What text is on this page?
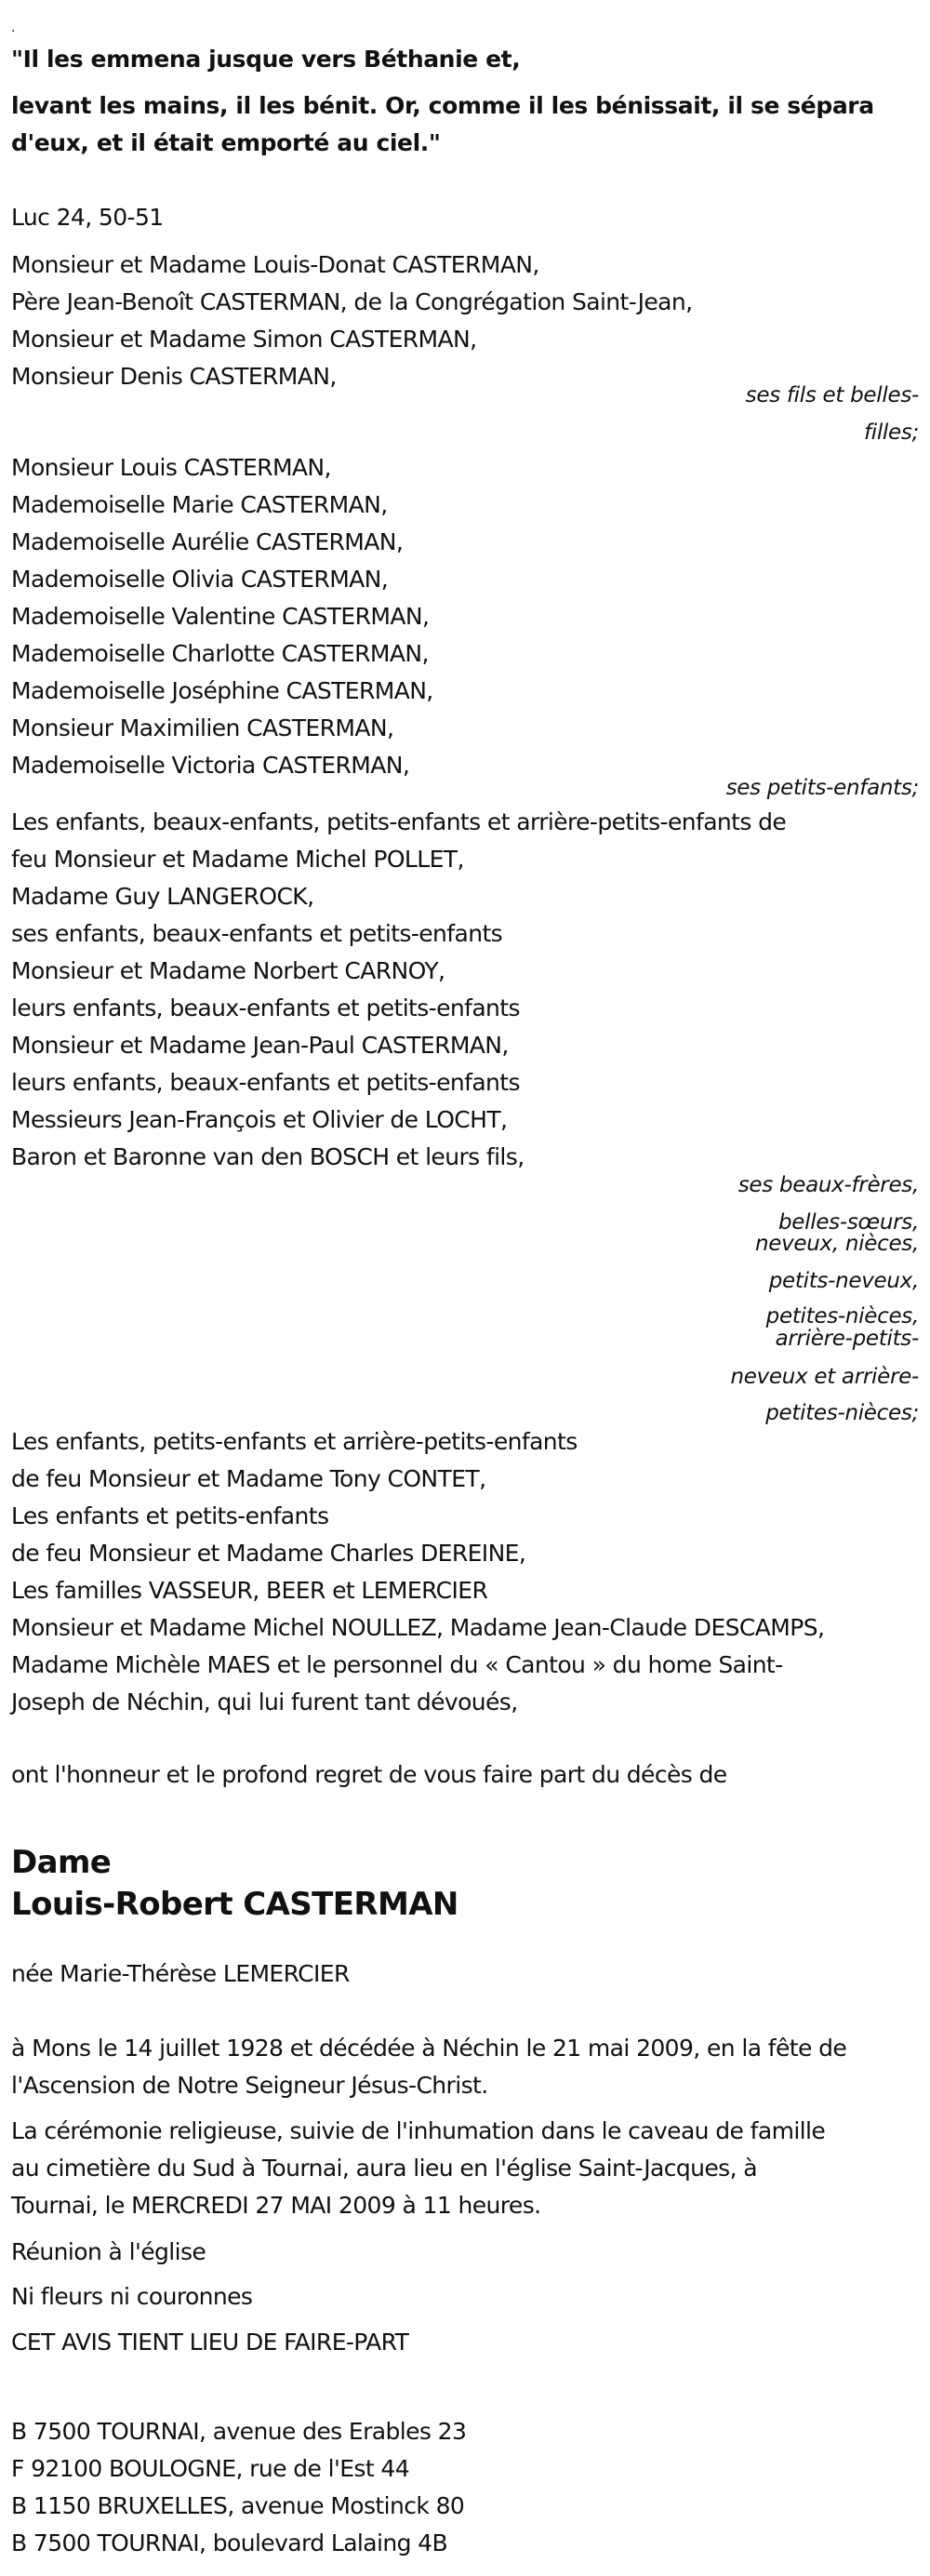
.
"Il les emmena jusque vers Béthanie et,
levant les mains, il les bénit. Or, comme il les bénissait, il se sépara
d'eux, et il était emporté au ciel."
Luc 24, 50-51
Monsieur et Madame Louis-Donat CASTERMAN,
Père Jean-Benoît CASTERMAN, de la Congrégation Saint-Jean,
Monsieur et Madame Simon CASTERMAN,
Monsieur Denis CASTERMAN,
ses fils et belles-
filles;
Monsieur Louis CASTERMAN,
Mademoiselle Marie CASTERMAN,
Mademoiselle Aurélie CASTERMAN,
Mademoiselle Olivia CASTERMAN,
Mademoiselle Valentine CASTERMAN,
Mademoiselle Charlotte CASTERMAN,
Mademoiselle Joséphine CASTERMAN,
Monsieur Maximilien CASTERMAN,
Mademoiselle Victoria CASTERMAN,
ses petits-enfants;
Les enfants, beaux-enfants, petits-enfants et arrière-petits-enfants de
feu Monsieur et Madame Michel POLLET,
Madame Guy LANGEROCK,
ses enfants, beaux-enfants et petits-enfants
Monsieur et Madame Norbert CARNOY,
leurs enfants, beaux-enfants et petits-enfants
Monsieur et Madame Jean-Paul CASTERMAN,
leurs enfants, beaux-enfants et petits-enfants
Messieurs Jean-François et Olivier de LOCHT,
Baron et Baronne van den BOSCH et leurs fils,
ses beaux-frères,
belles-sœurs,
neveux, nièces,
petits-neveux,
petites-nièces,
arrière-petits-
neveux et arrière-
petites-nièces;
Les enfants, petits-enfants et arrière-petits-enfants
de feu Monsieur et Madame Tony CONTET,
Les enfants et petits-enfants
de feu Monsieur et Madame Charles DEREINE,
Les familles VASSEUR, BEER et LEMERCIER
Monsieur et Madame Michel NOULLEZ, Madame Jean-Claude DESCAMPS,
Madame Michèle MAES et le personnel du « Cantou » du home Saint-
Joseph de Néchin, qui lui furent tant dévoués,
ont l'honneur et le profond regret de vous faire part du décès de
Dame
Louis-Robert CASTERMAN
née Marie-Thérèse LEMERCIER
à Mons le 14 juillet 1928 et décédée à Néchin le 21 mai 2009, en la fête de
l'Ascension de Notre Seigneur Jésus-Christ.
La cérémonie religieuse, suivie de l'inhumation dans le caveau de famille
au cimetière du Sud à Tournai, aura lieu en l'église Saint-Jacques, à
Tournai, le MERCREDI 27 MAI 2009 à 11 heures.
Réunion à l'église
Ni fleurs ni couronnes
CET AVIS TIENT LIEU DE FAIRE-PART
B 7500 TOURNAI, avenue des Erables 23
F 92100 BOULOGNE, rue de l'Est 44
B 1150 BRUXELLES, avenue Mostinck 80
B 7500 TOURNAI, boulevard Lalaing 4B
